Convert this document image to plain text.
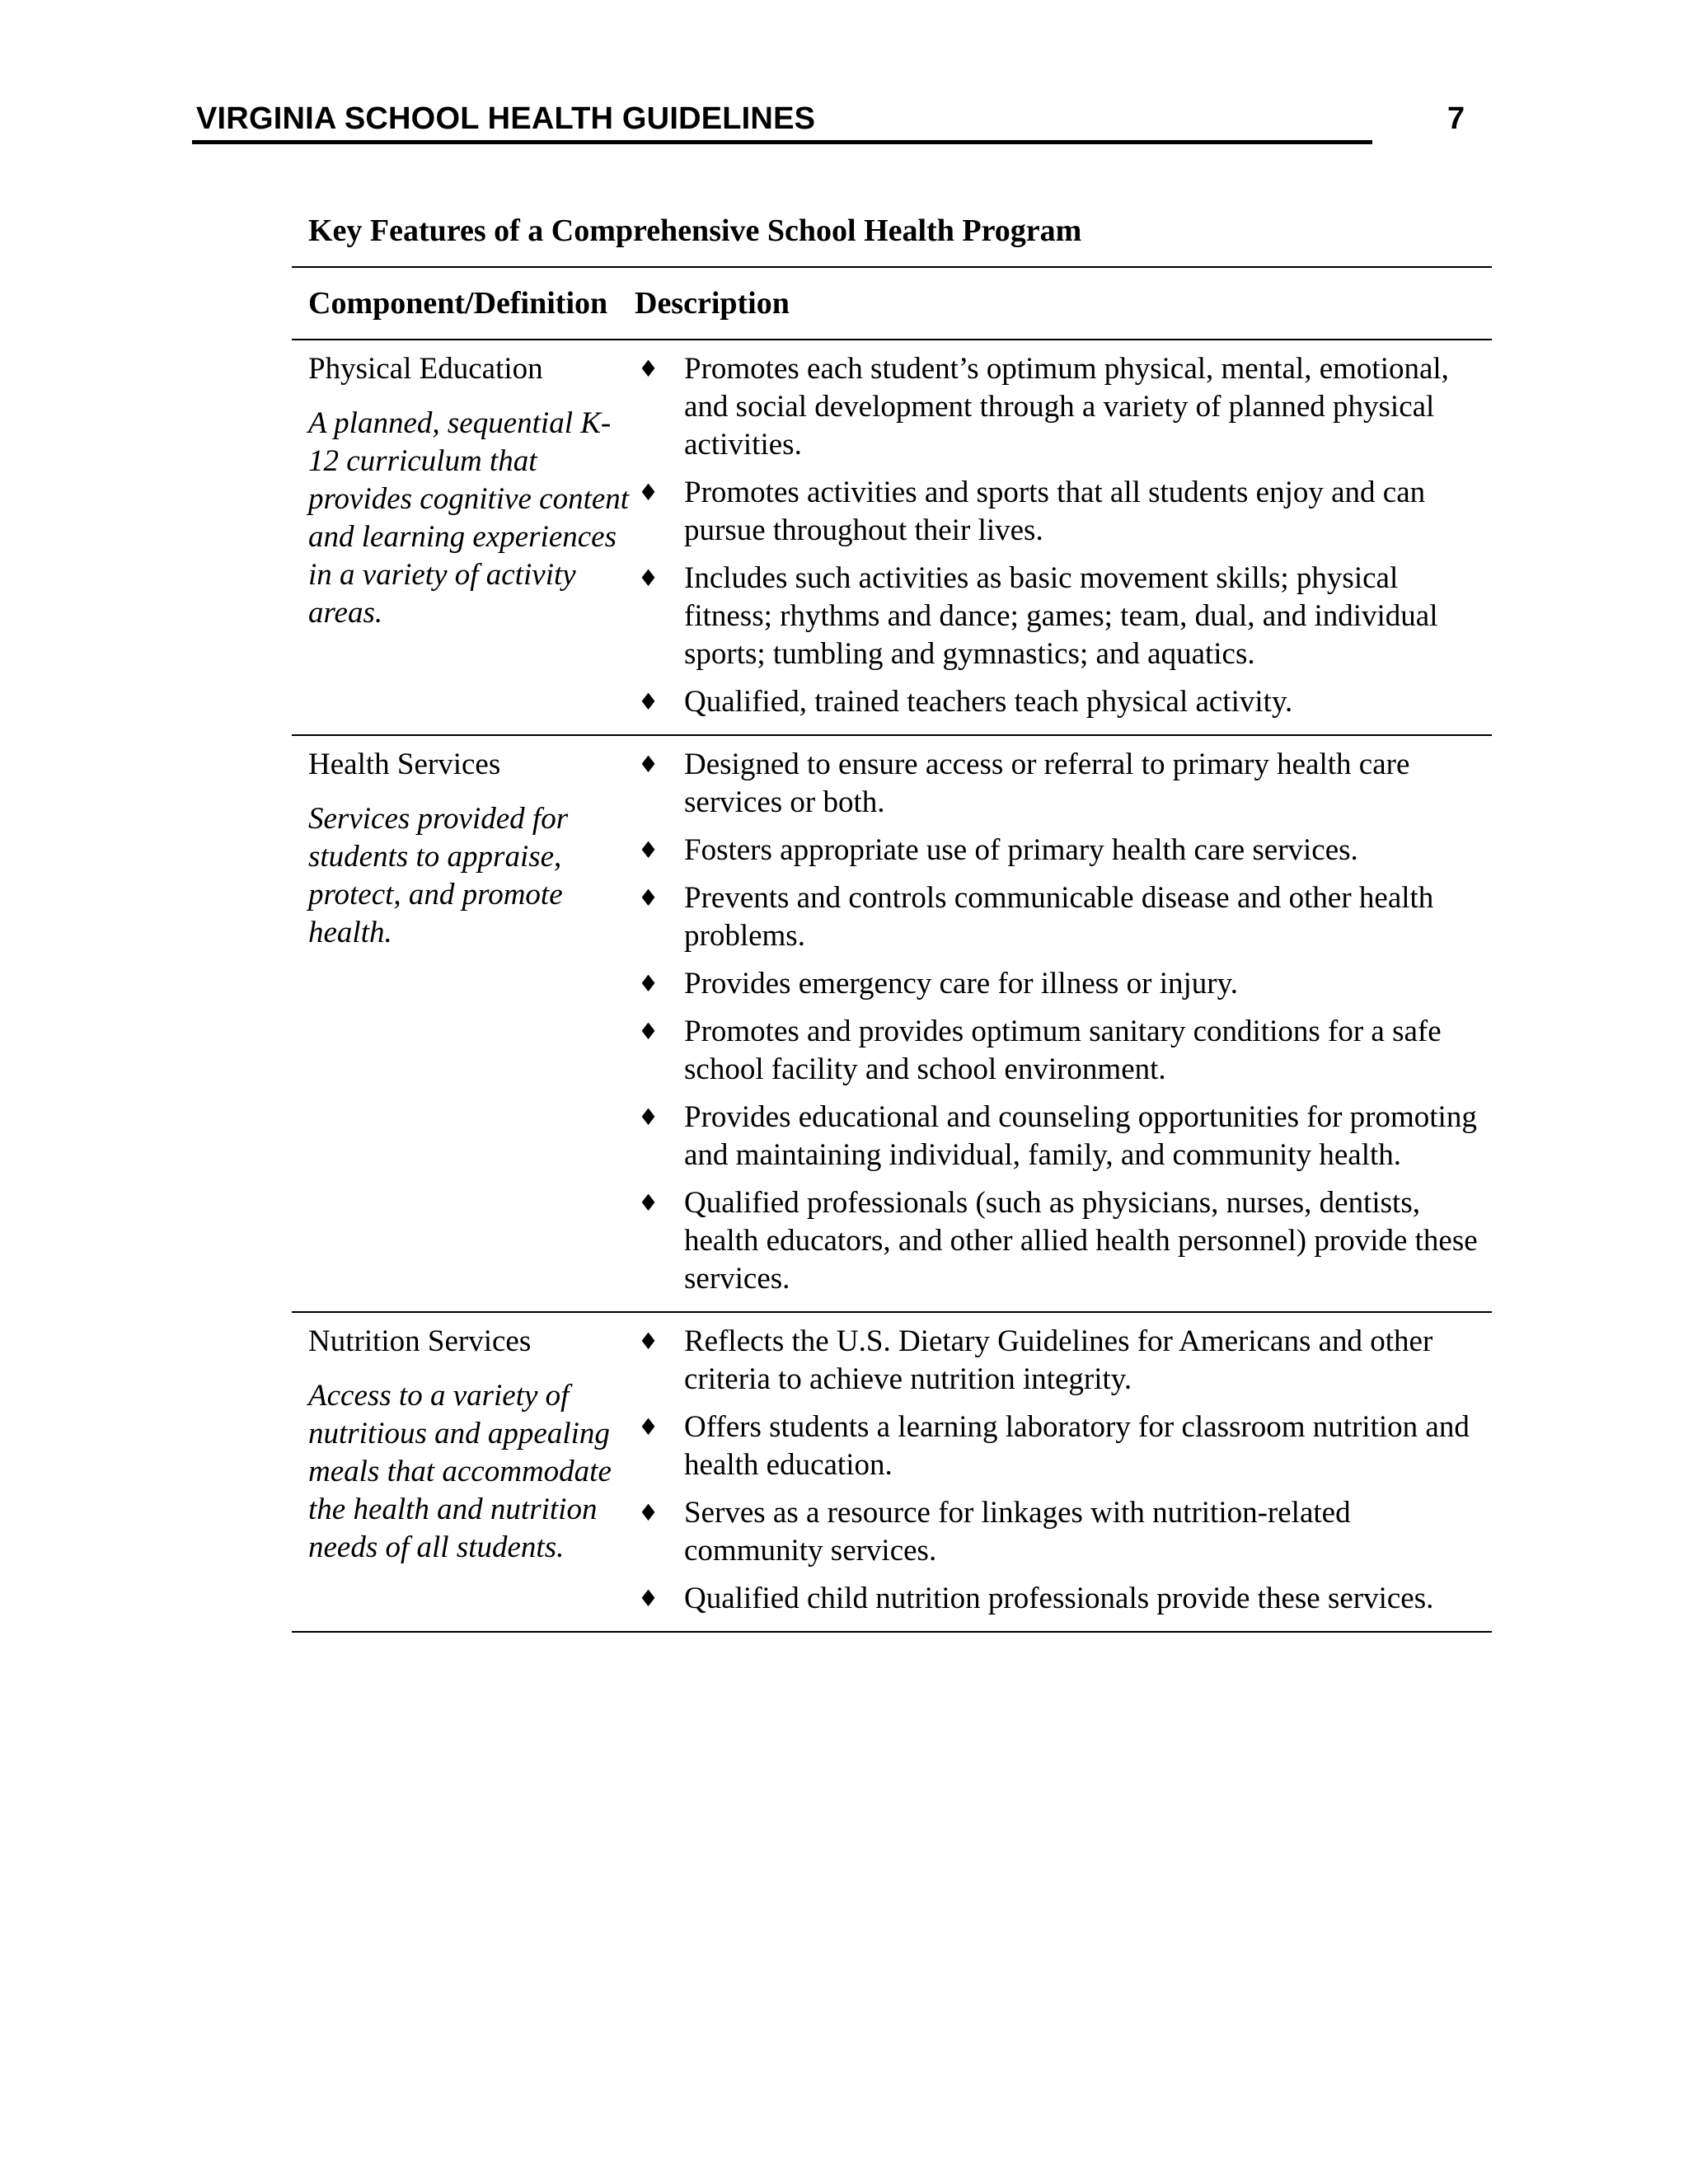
VIRGINIA SCHOOL HEALTH GUIDELINES	7
Key Features of a Comprehensive School Health Program
Component/Definition Description
Physical Education
A planned, sequential K-12 curriculum that provides cognitive content and learning experiences in a variety of activity areas.
♦ Promotes each student’s optimum physical, mental, emotional, and social development through a variety of planned physical activities.
♦ Promotes activities and sports that all students enjoy and can pursue throughout their lives.
♦ Includes such activities as basic movement skills; physical fitness; rhythms and dance; games; team, dual, and individual sports; tumbling and gymnastics; and aquatics.
♦ Qualified, trained teachers teach physical activity.
Health Services
Services provided for students to appraise, protect, and promote health.
♦ Designed to ensure access or referral to primary health care services or both.
♦ Fosters appropriate use of primary health care services.
♦ Prevents and controls communicable disease and other health problems.
♦ Provides emergency care for illness or injury.
♦ Promotes and provides optimum sanitary conditions for a safe school facility and school environment.
♦ Provides educational and counseling opportunities for promoting and maintaining individual, family, and community health.
♦ Qualified professionals (such as physicians, nurses, dentists, health educators, and other allied health personnel) provide these services.
Nutrition Services
Access to a variety of nutritious and appealing meals that accommodate the health and nutrition needs of all students.
♦ Reflects the U.S. Dietary Guidelines for Americans and other criteria to achieve nutrition integrity.
♦ Offers students a learning laboratory for classroom nutrition and health education.
♦ Serves as a resource for linkages with nutrition-related community services.
♦ Qualified child nutrition professionals provide these services.
